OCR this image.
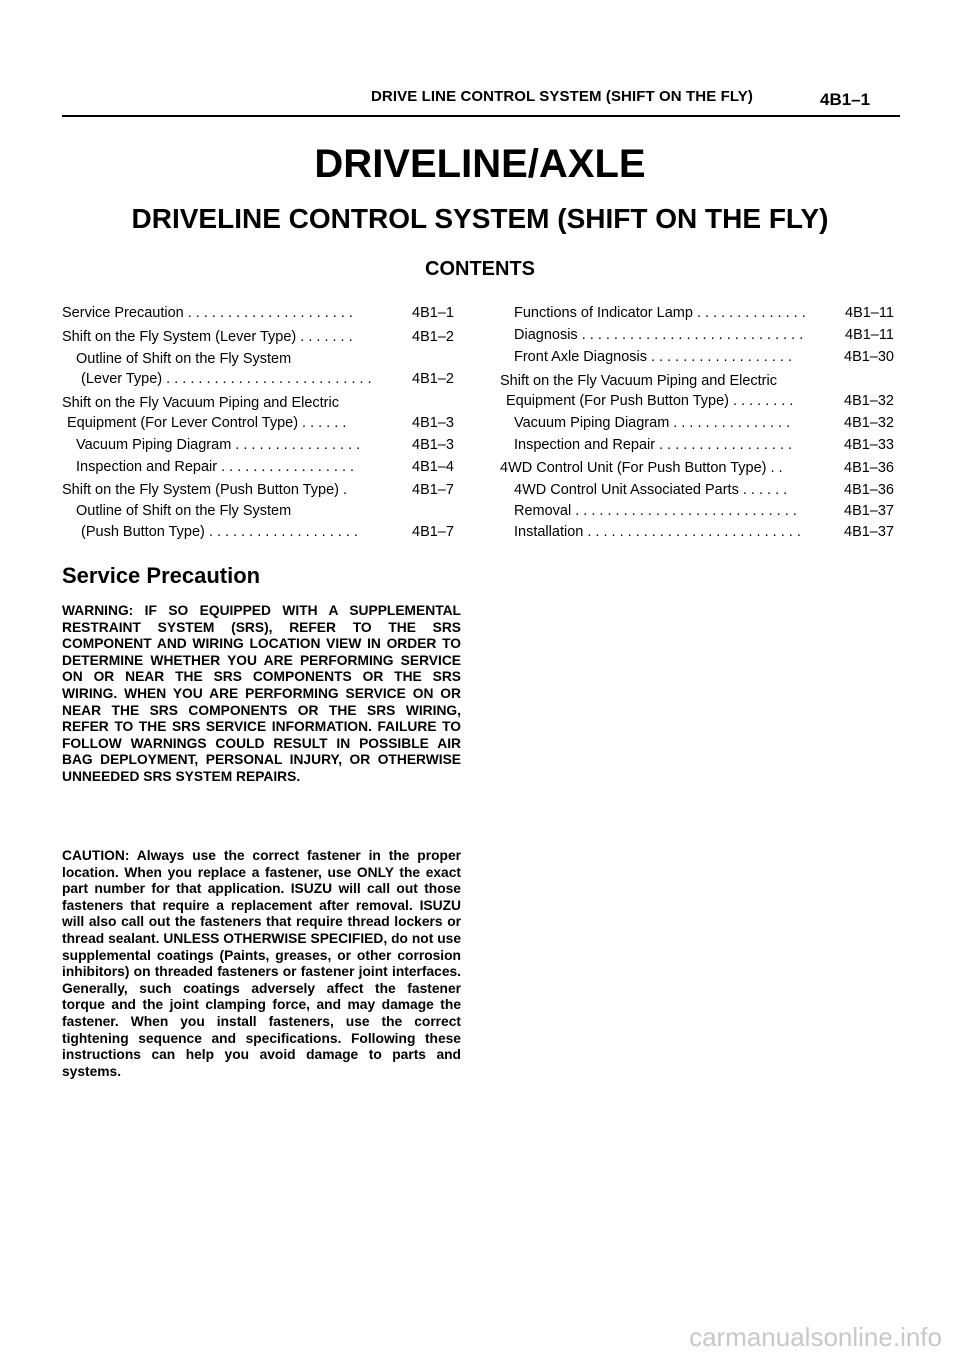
DRIVE LINE CONTROL SYSTEM (SHIFT ON THE FLY)	4B1–1
DRIVELINE/AXLE
DRIVELINE CONTROL SYSTEM (SHIFT ON THE FLY)
CONTENTS
Service Precaution . . . . . . . . . . . . . . . . . . . . .	4B1–1
Shift on the Fly System (Lever Type) . . . . . . .	4B1–2
Outline of Shift on the Fly System
(Lever Type) . . . . . . . . . . . . . . . . . . . . . . . . . .	4B1–2
Shift on the Fly Vacuum Piping and Electric
Equipment (For Lever Control Type) . . . . . .	4B1–3
Vacuum Piping Diagram . . . . . . . . . . . . . . . .	4B1–3
Inspection and Repair . . . . . . . . . . . . . . . . .	4B1–4
Shift on the Fly System (Push Button Type) .	4B1–7
Outline of Shift on the Fly System
(Push Button Type) . . . . . . . . . . . . . . . . . . .	4B1–7
Functions of Indicator Lamp . . . . . . . . . . . . . .	4B1–11
Diagnosis . . . . . . . . . . . . . . . . . . . . . . . . . . . .	4B1–11
Front Axle Diagnosis . . . . . . . . . . . . . . . . . .	4B1–30
Shift on the Fly Vacuum Piping and Electric
Equipment (For Push Button Type) . . . . . . . .	4B1–32
Vacuum Piping Diagram . . . . . . . . . . . . . . .	4B1–32
Inspection and Repair . . . . . . . . . . . . . . . . .	4B1–33
4WD Control Unit (For Push Button Type) . .	4B1–36
4WD Control Unit Associated Parts . . . . . .	4B1–36
Removal . . . . . . . . . . . . . . . . . . . . . . . . . . . .	4B1–37
Installation . . . . . . . . . . . . . . . . . . . . . . . . . . .	4B1–37
Service Precaution
WARNING: IF SO EQUIPPED WITH A SUPPLEMENTAL RESTRAINT SYSTEM (SRS), REFER TO THE SRS COMPONENT AND WIRING LOCATION VIEW IN ORDER TO DETERMINE WHETHER YOU ARE PERFORMING SERVICE ON OR NEAR THE SRS COMPONENTS OR THE SRS WIRING. WHEN YOU ARE PERFORMING SERVICE ON OR NEAR THE SRS COMPONENTS OR THE SRS WIRING, REFER TO THE SRS SERVICE INFORMATION. FAILURE TO FOLLOW WARNINGS COULD RESULT IN POSSIBLE AIR BAG DEPLOYMENT, PERSONAL INJURY, OR OTHERWISE UNNEEDED SRS SYSTEM REPAIRS.
CAUTION: Always use the correct fastener in the proper location. When you replace a fastener, use ONLY the exact part number for that application. ISUZU will call out those fasteners that require a replacement after removal. ISUZU will also call out the fasteners that require thread lockers or thread sealant. UNLESS OTHERWISE SPECIFIED, do not use supplemental coatings (Paints, greases, or other corrosion inhibitors) on threaded fasteners or fastener joint interfaces. Generally, such coatings adversely affect the fastener torque and the joint clamping force, and may damage the fastener. When you install fasteners, use the correct tightening sequence and specifications. Following these instructions can help you avoid damage to parts and systems.
carmanualsonline.info
